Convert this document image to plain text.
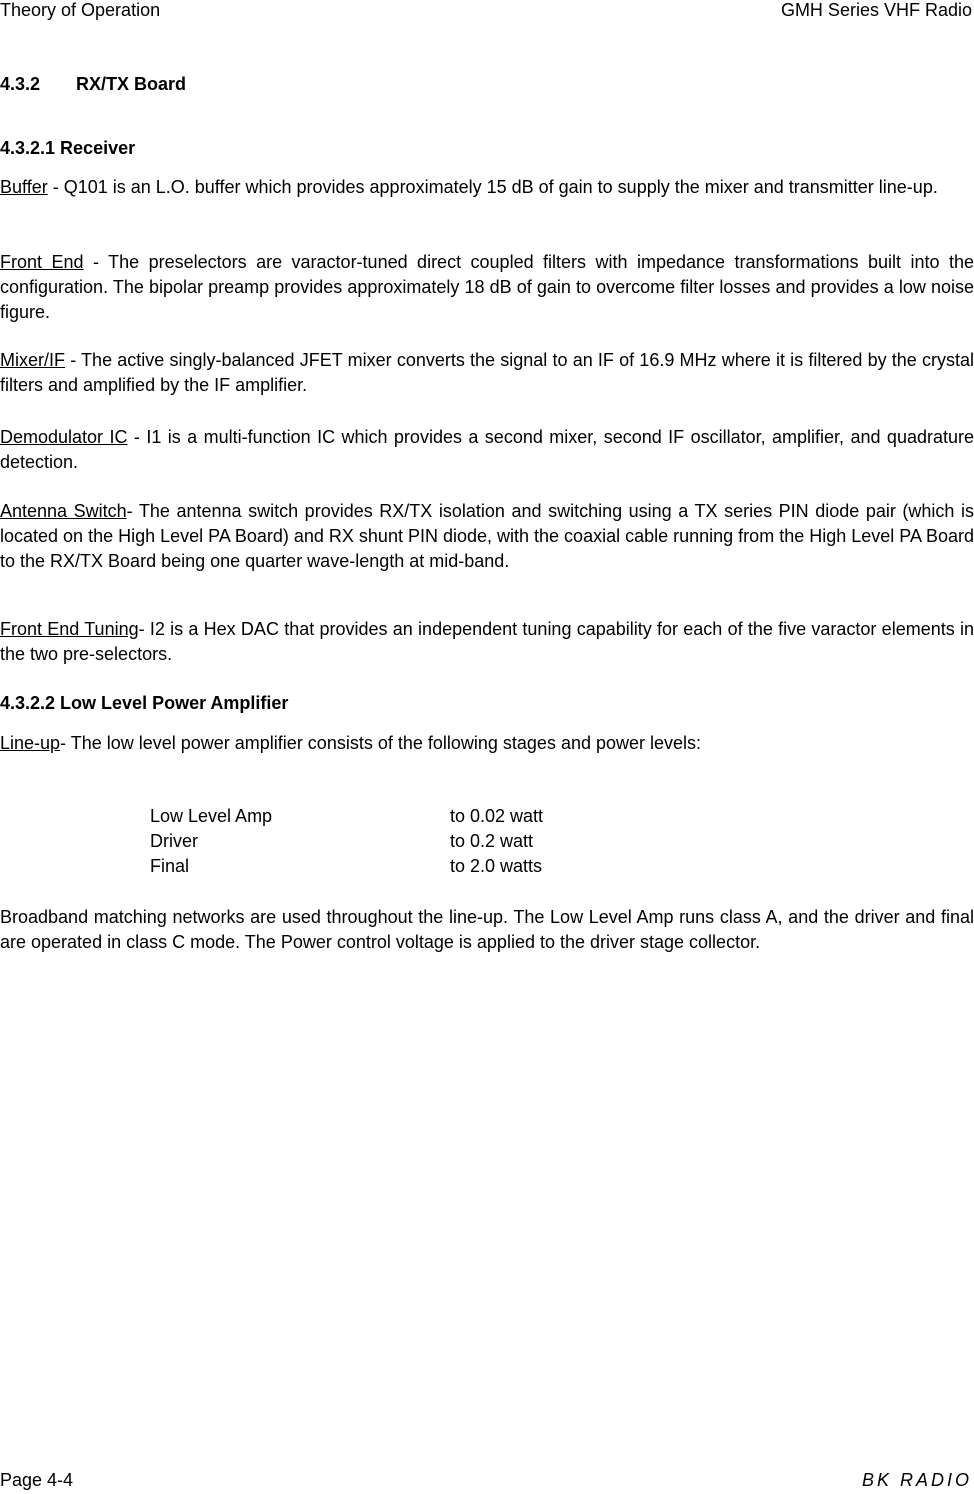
Theory of Operation	GMH Series VHF Radio
4.3.2 RX/TX Board
4.3.2.1 Receiver

Buffer - Q101 is an L.O. buffer which provides approximately 15 dB of gain to supply the mixer and transmitter line-up.

Front End - The preselectors are varactor-tuned direct coupled filters with impedance transformations built into the configuration. The bipolar preamp provides approximately 18 dB of gain to overcome filter losses and provides a low noise figure.

Mixer/IF - The active singly-balanced JFET mixer converts the signal to an IF of 16.9 MHz where it is filtered by the crystal filters and amplified by the IF amplifier.

Demodulator IC - I1 is a multi-function IC which provides a second mixer, second IF oscillator, amplifier, and quadrature detection.

Antenna Switch- The antenna switch provides RX/TX isolation and switching using a TX series PIN diode pair (which is located on the High Level PA Board) and RX shunt PIN diode, with the coaxial cable running from the High Level PA Board to the RX/TX Board being one quarter wave-length at mid-band.

Front End Tuning- I2 is a Hex DAC that provides an independent tuning capability for each of the five varactor elements in the two pre-selectors.

4.3.2.2 Low Level Power Amplifier

Line-up- The low level power amplifier consists of the following stages and power levels:

Low Level Amp	to 0.02 watt
Driver	to 0.2 watt
Final	to 2.0 watts

Broadband matching networks are used throughout the line-up. The Low Level Amp runs class A, and the driver and final are operated in class C mode. The Power control voltage is applied to the driver stage collector.

Page 4-4	BK RADIO
